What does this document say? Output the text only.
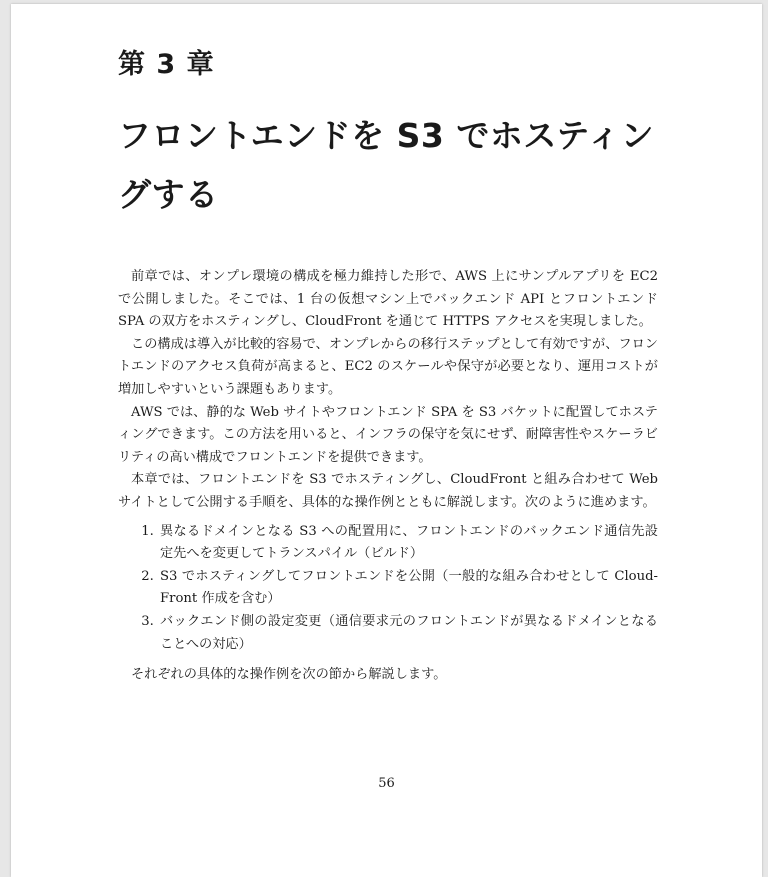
第 3 章
フロントエンドを S3 でホスティン
グする

前章では、オンプレ環境の構成を極力維持した形で、AWS 上にサンプルアプリを EC2 で公開しました。そこでは、1 台の仮想マシン上でバックエンド API とフロントエンド SPA の双方をホスティングし、CloudFront を通じて HTTPS アクセスを実現しました。

この構成は導入が比較的容易で、オンプレからの移行ステップとして有効ですが、フロントエンドのアクセス負荷が高まると、EC2 のスケールや保守が必要となり、運用コストが増加しやすいという課題もあります。

AWS では、静的な Web サイトやフロントエンド SPA を S3 バケットに配置してホスティングできます。この方法を用いると、インフラの保守を気にせず、耐障害性やスケーラビリティの高い構成でフロントエンドを提供できます。

本章では、フロントエンドを S3 でホスティングし、CloudFront と組み合わせて Web サイトとして公開する手順を、具体的な操作例とともに解説します。次のように進めます。

1. 異なるドメインとなる S3 への配置用に、フロントエンドのバックエンド通信先設定先へを変更してトランスパイル（ビルド）
2. S3 でホスティングしてフロントエンドを公開（一般的な組み合わせとして Cloud-Front 作成を含む）
3. バックエンド側の設定変更（通信要求元のフロントエンドが異なるドメインとなることへの対応）

それぞれの具体的な操作例を次の節から解説します。

56
